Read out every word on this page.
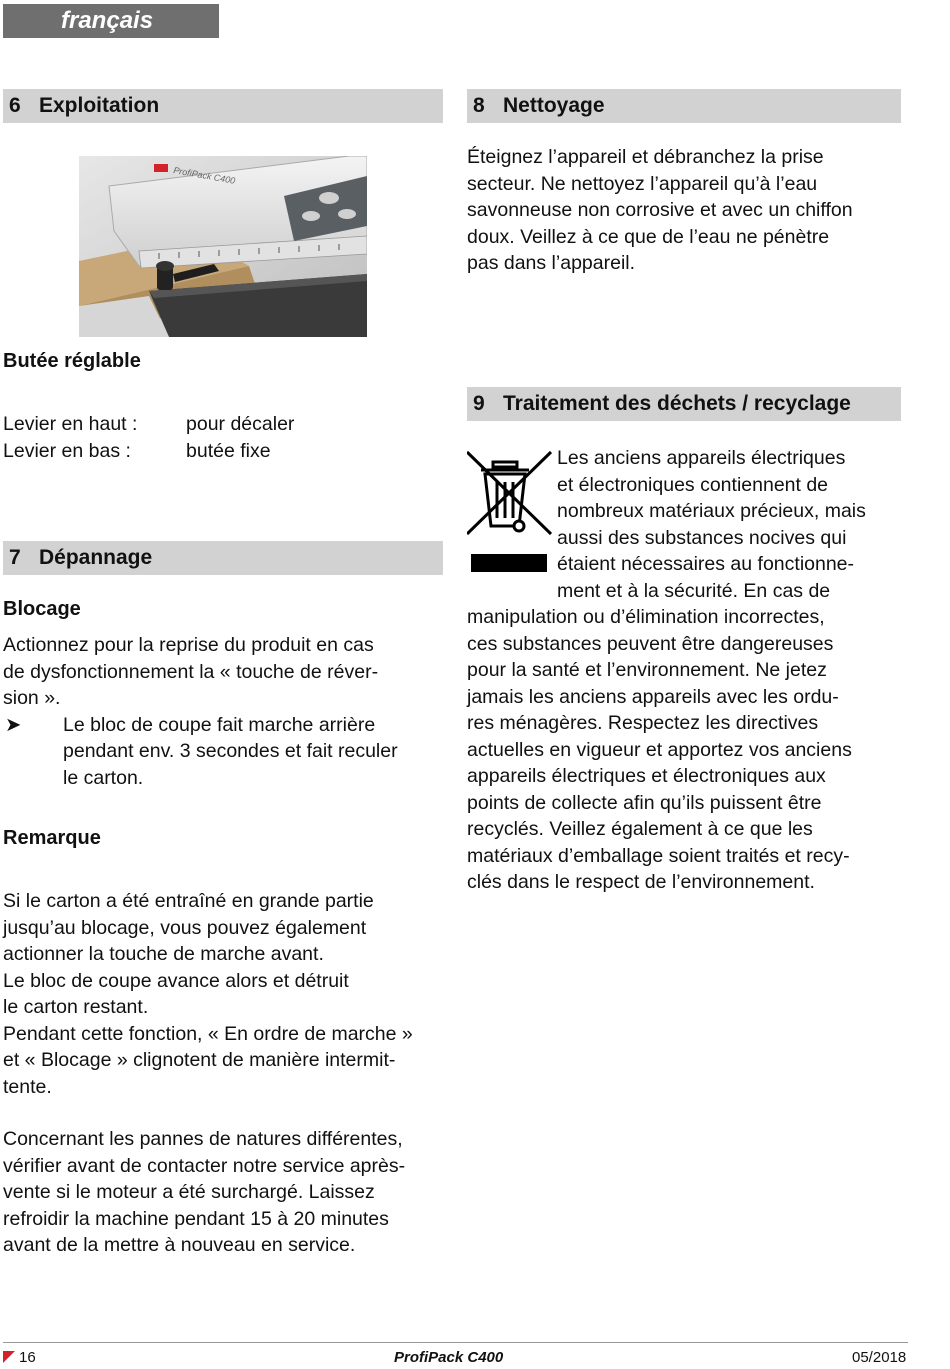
français
6 Exploitation
ProfiPack C400
Butée réglable
Levier en haut : pour décaler
Levier en bas :	butée fixe
7 Dépannage
Blocage

Actionnez pour la reprise du produit en cas

de dysfonctionnement la « touche de réver-

sion ».

➤ Le bloc de coupe fait marche arrière

pendant env. 3 secondes et fait reculer

le carton.

Remarque

Si le carton a été entraîné en grande partie

jusqu’au blocage, vous pouvez également

actionner la touche de marche avant.

Le bloc de coupe avance alors et détruit

le carton restant.

Pendant cette fonction, « En ordre de marche »

et « Blocage » clignotent de manière intermit-

tente.

Concernant les pannes de natures différentes,

vérifier avant de contacter notre service après-

vente si le moteur a été surchargé. Laissez

refroidir la machine pendant 15 à 20 minutes

avant de la mettre à nouveau en service.

8 Nettoyage

Éteignez l’appareil et débranchez la prise

secteur. Ne nettoyez l’appareil qu’à l’eau

savonneuse non corrosive et avec un chiffon

doux. Veillez à ce que de l’eau ne pénètre

pas dans l’appareil.

9 Traitement des déchets / recyclage

Les anciens appareils électriques

et électroniques contiennent de

nombreux matériaux précieux, mais

aussi des substances nocives qui

étaient nécessaires au fonctionne-

ment et à la sécurité. En cas de

manipulation ou d’élimination incorrectes,

ces substances peuvent être dangereuses

pour la santé et l’environnement. Ne jetez

jamais les anciens appareils avec les ordu-

res ménagères. Respectez les directives

actuelles en vigueur et apportez vos anciens

appareils électriques et électroniques aux

points de collecte afin qu’ils puissent être

recyclés. Veillez également à ce que les

matériaux d’emballage soient traités et recy-

clés dans le respect de l’environnement.

16	ProfiPack C400	05/2018
